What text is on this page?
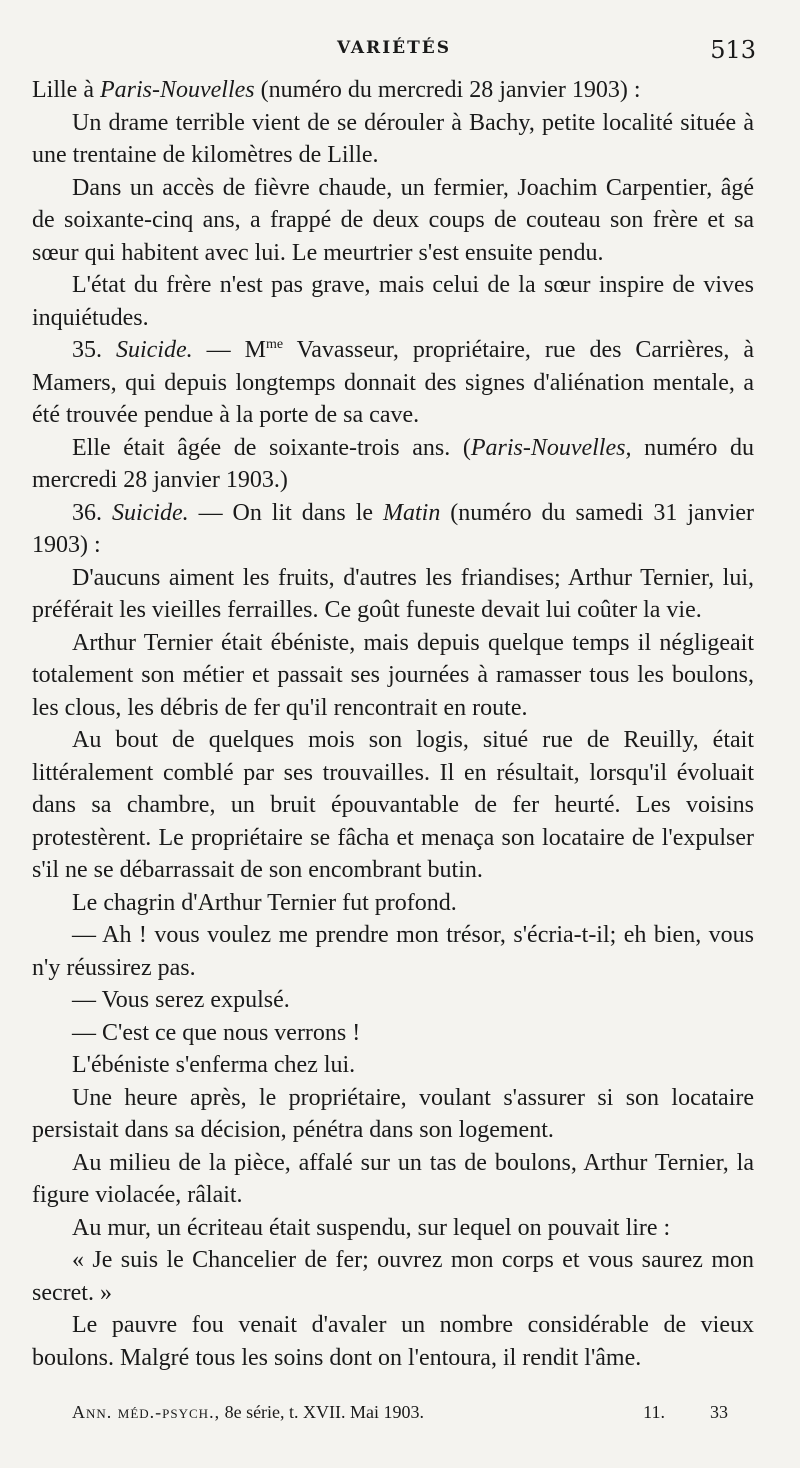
VARIÉTÉS	513

Lille à Paris-Nouvelles (numéro du mercredi 28 janvier 1903) :

Un drame terrible vient de se dérouler à Bachy, petite localité située à une trentaine de kilomètres de Lille.

Dans un accès de fièvre chaude, un fermier, Joachim Carpentier, âgé de soixante-cinq ans, a frappé de deux coups de couteau son frère et sa sœur qui habitent avec lui. Le meurtrier s'est ensuite pendu.

L'état du frère n'est pas grave, mais celui de la sœur inspire de vives inquiétudes.

35. Suicide. — $M^{me}$ Vavasseur, propriétaire, rue des Carrières, à Mamers, qui depuis longtemps donnait des signes d'aliénation mentale, a été trouvée pendue à la porte de sa cave.

Elle était âgée de soixante-trois ans. (Paris-Nouvelles, numéro du mercredi 28 janvier 1903.)

36. Suicide. — On lit dans le Matin (numéro du samedi 31 janvier 1903) :

D'aucuns aiment les fruits, d'autres les friandises; Arthur Ternier, lui, préférait les vieilles ferrailles. Ce goût funeste devait lui coûter la vie.

Arthur Ternier était ébéniste, mais depuis quelque temps il négligeait totalement son métier et passait ses journées à ramasser tous les boulons, les clous, les débris de fer qu'il rencontrait en route.

Au bout de quelques mois son logis, situé rue de Reuilly, était littéralement comblé par ses trouvailles. Il en résultait, lorsqu'il évoluait dans sa chambre, un bruit épouvantable de fer heurté. Les voisins protestèrent. Le propriétaire se fâcha et menaça son locataire de l'expulser s'il ne se débarrassait de son encombrant butin.

Le chagrin d'Arthur Ternier fut profond.

— Ah ! vous voulez me prendre mon trésor, s'écria-t-il; eh bien, vous n'y réussirez pas.

— Vous serez expulsé.

— C'est ce que nous verrons !

L'ébéniste s'enferma chez lui.

Une heure après, le propriétaire, voulant s'assurer si son locataire persistait dans sa décision, pénétra dans son logement.

Au milieu de la pièce, affalé sur un tas de boulons, Arthur Ternier, la figure violacée, râlait.

Au mur, un écriteau était suspendu, sur lequel on pouvait lire :

« Je suis le Chancelier de fer; ouvrez mon corps et vous saurez mon secret. »

Le pauvre fou venait d'avaler un nombre considérable de vieux boulons. Malgré tous les soins dont on l'entoura, il rendit l'âme.

Ann. méd.-psych., 8e série, t. XVII. Mai 1903.	11.	33
